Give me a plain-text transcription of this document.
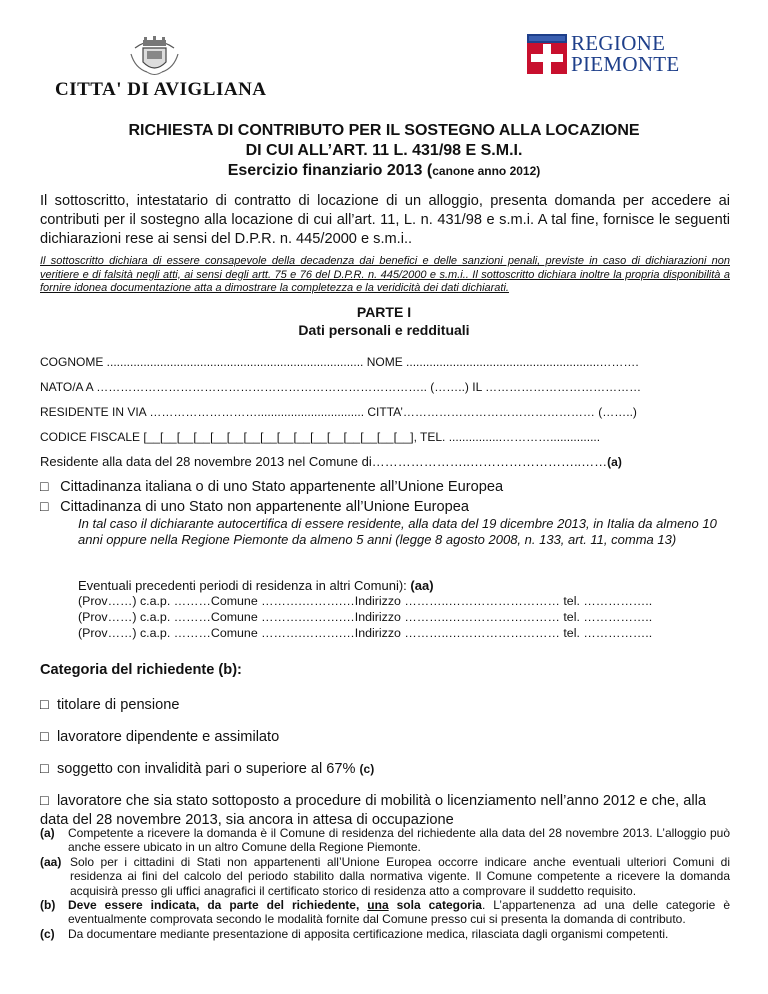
CITTA' DI AVIGLIANA
REGIONE
PIEMONTE
RICHIESTA DI CONTRIBUTO PER IL SOSTEGNO ALLA LOCAZIONE
DI CUI ALL’ART. 11 L. 431/98 E S.M.I.
Esercizio finanziario 2013 (canone anno 2012)
Il sottoscritto, intestatario di contratto di locazione di un alloggio, presenta domanda per accedere ai contributi per il sostegno alla locazione di cui all’art. 11, L. n. 431/98 e s.m.i. A tal fine, fornisce le seguenti dichiarazioni rese ai sensi del D.P.R. n. 445/2000 e s.m.i..
Il sottoscritto dichiara di essere consapevole della decadenza dai benefici e delle sanzioni penali, previste in caso di dichiarazioni non veritiere e di falsità negli atti, ai sensi degli artt. 75 e 76 del D.P.R. n. 445/2000 e s.m.i.. Il sottoscritto dichiara inoltre la propria disponibilità a fornire idonea documentazione atta a dimostrare la completezza e la veridicità dei dati dichiarati.
PARTE I
Dati personali e reddituali
COGNOME ............................................................................. NOME ..........................................................……….
NATO/A A ……………………………………………………………………….. (……..) IL …………………………………
RESIDENTE IN VIA ………………………................................ CITTA’………………………………………… (……..)
CODICE FISCALE [__[__[__[__[__[__[__[__[__[__[__[__[__[__[__[__], TEL. ................…………...............
Residente alla data del 28 novembre 2013 nel Comune di…………………..……………………..……(a)
□ Cittadinanza italiana o di uno Stato appartenente all’Unione Europea
□ Cittadinanza di uno Stato non appartenente all’Unione Europea
In tal caso il dichiarante autocertifica di essere residente, alla data del 19 dicembre 2013, in Italia da almeno 10 anni oppure nella Regione Piemonte da almeno 5 anni (legge 8 agosto 2008, n. 133, art. 11, comma 13)
Eventuali precedenti periodi di residenza in altri Comuni): (aa)
(Prov……) c.a.p. ………Comune ……….……….…Indirizzo ………..……………………… tel. ……………..
(Prov……) c.a.p. ………Comune ……….……….…Indirizzo ………..……………………… tel. ……………..
(Prov……) c.a.p. ………Comune ……….……….…Indirizzo ………..……………………… tel. ……………..
Categoria del richiedente (b):
□ titolare di pensione
□ lavoratore dipendente e assimilato
□ soggetto con invalidità pari o superiore al 67% (c)
□ lavoratore che sia stato sottoposto a procedure di mobilità o licenziamento nell’anno 2012 e che, alla data del 28 novembre 2013, sia ancora in attesa di occupazione
(a) Competente a ricevere la domanda è il Comune di residenza del richiedente alla data del 28 novembre 2013. L’alloggio può anche essere ubicato in un altro Comune della Regione Piemonte.
(aa) Solo per i cittadini di Stati non appartenenti all’Unione Europea occorre indicare anche eventuali ulteriori Comuni di residenza ai fini del calcolo del periodo stabilito dalla normativa vigente. Il Comune competente a ricevere la domanda acquisirà presso gli uffici anagrafici il certificato storico di residenza atto a comprovare il suddetto requisito.
(b) Deve essere indicata, da parte del richiedente, una sola categoria. L’appartenenza ad una delle categorie è eventualmente comprovata secondo le modalità fornite dal Comune presso cui si presenta la domanda di contributo.
(c) Da documentare mediante presentazione di apposita certificazione medica, rilasciata dagli organismi competenti.
